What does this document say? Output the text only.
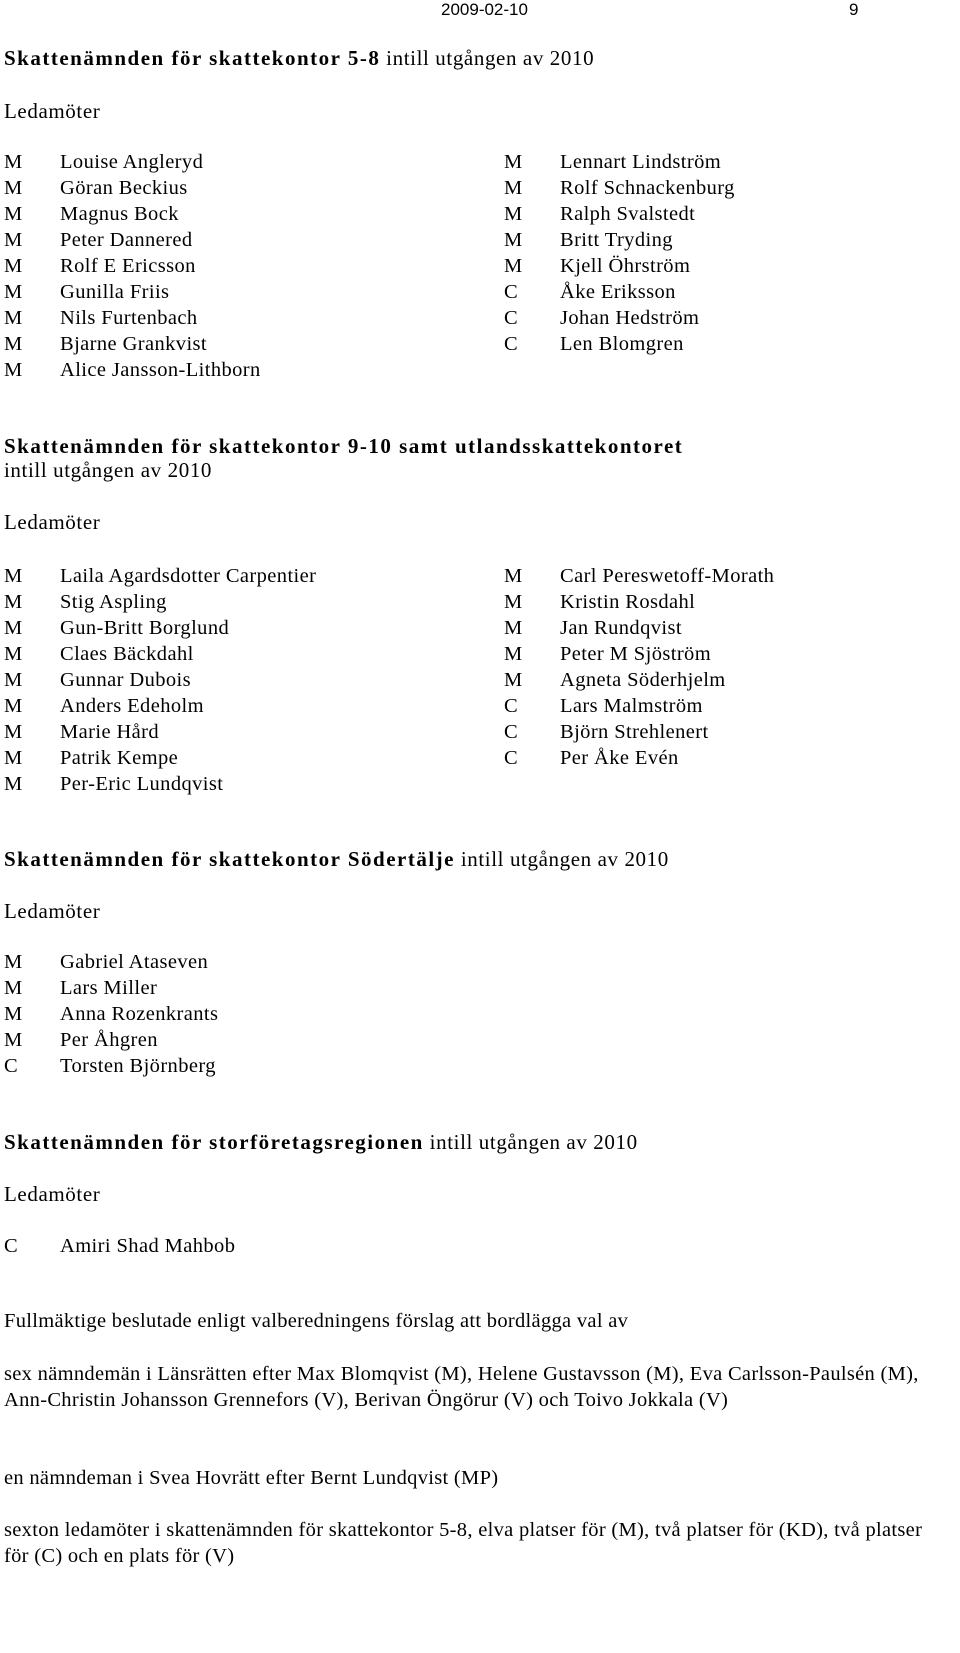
2009-02-10	9
Skattenämnden för skattekontor 5-8 intill utgången av 2010
Ledamöter
M Louise Angleryd
M Göran Beckius
M Magnus Bock
M Peter Dannered
M Rolf E Ericsson
M Gunilla Friis
M Nils Furtenbach
M Bjarne Grankvist
M Alice Jansson-Lithborn
M Lennart Lindström
M Rolf Schnackenburg
M Ralph Svalstedt
M Britt Tryding
M Kjell Öhrström
C Åke Eriksson
C Johan Hedström
C Len Blomgren
Skattenämnden för skattekontor 9-10 samt utlandsskattekontoret
intill utgången av 2010
Ledamöter
M Laila Agardsdotter Carpentier
M Stig Aspling
M Gun-Britt Borglund
M Claes Bäckdahl
M Gunnar Dubois
M Anders Edeholm
M Marie Hård
M Patrik Kempe
M Per-Eric Lundqvist
M Carl Pereswetoff-Morath
M Kristin Rosdahl
M Jan Rundqvist
M Peter M Sjöström
M Agneta Söderhjelm
C Lars Malmström
C Björn Strehlenert
C Per Åke Evén
Skattenämnden för skattekontor Södertälje intill utgången av 2010
Ledamöter
M Gabriel Ataseven
M Lars Miller
M Anna Rozenkrants
M Per Åhgren
C Torsten Björnberg
Skattenämnden för storföretagsregionen intill utgången av 2010
Ledamöter
C Amiri Shad Mahbob
Fullmäktige beslutade enligt valberedningens förslag att bordlägga val av
sex nämndemän i Länsrätten efter Max Blomqvist (M), Helene Gustavsson (M), Eva Carlsson-Paulsén (M), Ann-Christin Johansson Grennefors (V), Berivan Öngörur (V) och Toivo Jokkala (V)
en nämndeman i Svea Hovrätt efter Bernt Lundqvist (MP)
sexton ledamöter i skattenämnden för skattekontor 5-8, elva platser för (M), två platser för (KD), två platser för (C) och en plats för (V)
